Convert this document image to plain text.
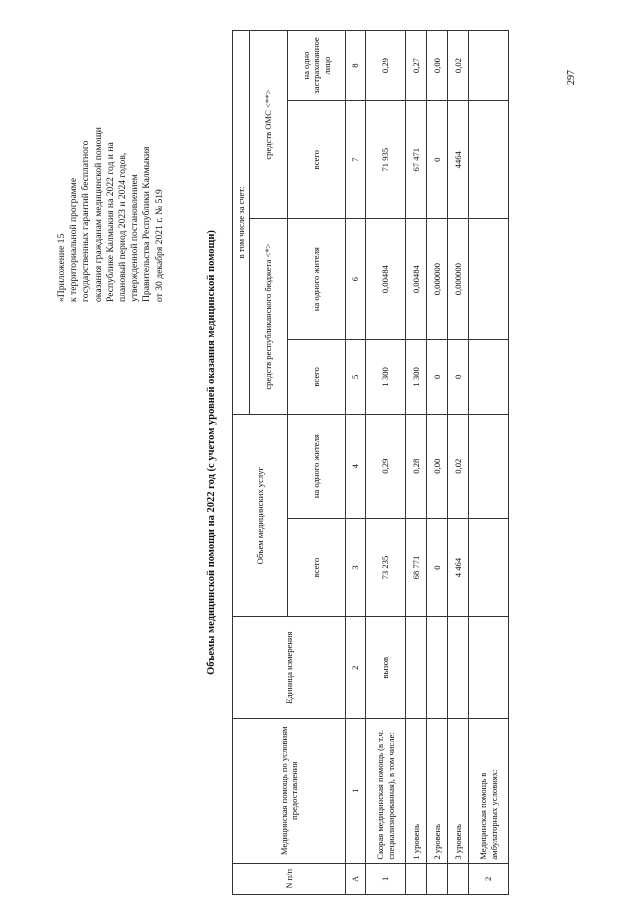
«Приложение 15 к территориальной программе государственных гарантий бесплатного оказания гражданам медицинской помощи Республике Калмыкия на 2022 год и на плановый период 2023 и 2024 годов, утвержденной постановлением Правительства Республики Калмыкия от 30 декабря 2021 г. № 519	Объемы медицинской помощи на 2022 год (с учетом уровней оказания медицинской помощи)
N п/п	Медицинская помощь по условиям предоставления	Единица измерения	Объем медицинских услуг		в том числе за счет:			
					средств республиканского бюджета <*>		средств ОМС <**>	
			всего	на одного жителя	всего	на одного жителя	всего	на одно застрахованное лицо
А	1	2	3	4	5	6	7	8
1	Скорая медицинская помощь (в т.ч. специализированная), в том числе:	вызов	73 235	0,29	1 300	0,00484	71 935	0,29
	1 уровень		68 771	0,28	1 300	0,00484	67 471	0,27
	2 уровень		0	0,00	0	0,000000	0	0,00
	3 уровень		4 464	0,02	0	0,000000	4464	0,02
2	Медицинская помощь в амбулаторных условиях:							
297
